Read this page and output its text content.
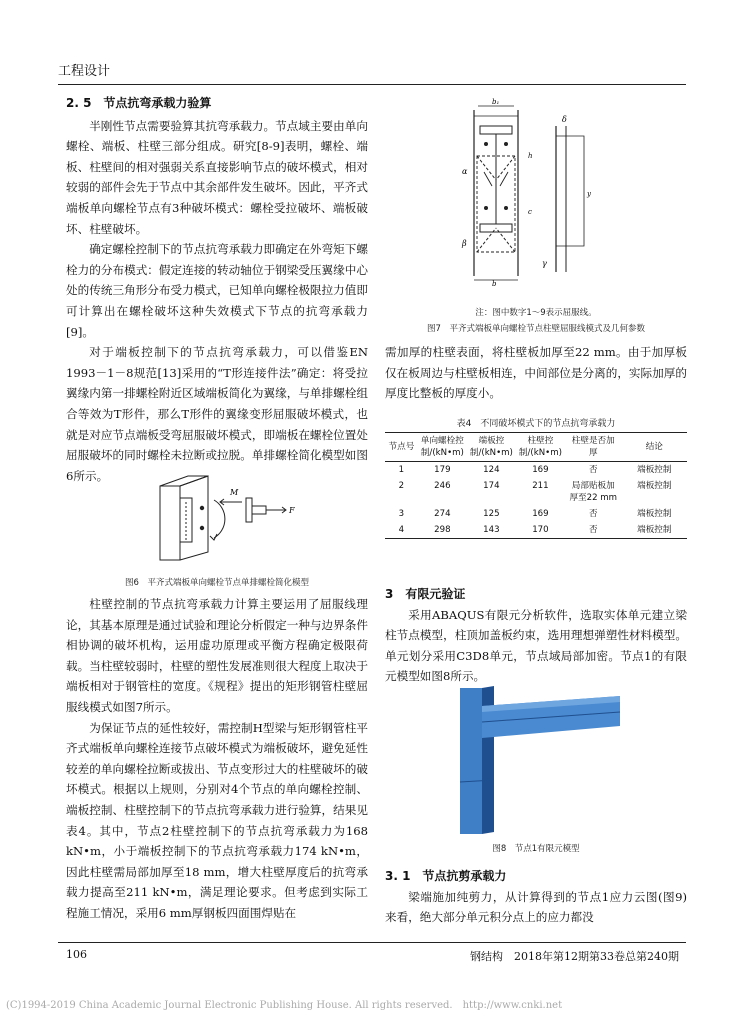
工程设计

2. 5　节点抗弯承载力验算

半刚性节点需要验算其抗弯承载力。节点域主要由单向螺栓、端板、柱壁三部分组成。研究[8-9]表明，螺栓、端板、柱壁间的相对强弱关系直接影响节点的破坏模式，相对较弱的部件会先于节点中其余部件发生破坏。因此，平齐式端板单向螺栓节点有3种破坏模式：螺栓受拉破坏、端板破坏、柱壁破坏。

确定螺栓控制下的节点抗弯承载力即确定在外弯矩下螺栓力的分布模式：假定连接的转动轴位于钢梁受压翼缘中心处的传统三角形分布受力模式，已知单向螺栓极限拉力值即可计算出在螺栓破坏这种失效模式下节点的抗弯承载力[9]。

对于端板控制下的节点抗弯承载力，可以借鉴EN 1993－1－8规范[13]采用的“T形连接件法”确定：将受拉翼缘内第一排螺栓附近区域端板简化为翼缘，与单排螺栓组合等效为T形件，那么T形件的翼缘变形屈服破坏模式，也就是对应节点端板受弯屈服破坏模式，即端板在螺栓位置处屈服破坏的同时螺栓未拉断或拉脱。单排螺栓简化模型如图6所示。

M
F
图6　平齐式端板单向螺栓节点单排螺栓简化模型

柱壁控制的节点抗弯承载力计算主要运用了屈服线理论，其基本原理是通过试验和理论分析假定一种与边界条件相协调的破坏机构，运用虚功原理或平衡方程确定极限荷载。当柱壁较弱时，柱壁的塑性发展准则很大程度上取决于端板相对于钢管柱的宽度。《规程》提出的矩形钢管柱壁屈服线模式如图7所示。

为保证节点的延性较好，需控制H型梁与矩形钢管柱平齐式端板单向螺栓连接节点破坏模式为端板破坏，避免延性较差的单向螺栓拉断或拔出、节点变形过大的柱壁破坏的破坏模式。根据以上规则，分别对4个节点的单向螺栓控制、端板控制、柱壁控制下的节点抗弯承载力进行验算，结果见表4。其中，节点2柱壁控制下的节点抗弯承载力为168 kN•m，小于端板控制下的节点抗弯承载力174 kN•m，因此柱壁需局部加厚至18 mm，增大柱壁厚度后的抗弯承载力提高至211 kN•m，满足理论要求。但考虑到实际工程施工情况，采用6 mm厚钢板四面围焊贴在

b₁
α
β
b
δ
y
γ
c
h
注：图中数字1～9表示屈服线。
图7　平齐式端板单向螺栓节点柱壁屈服线模式及几何参数

需加厚的柱壁表面，将柱壁板加厚至22 mm。由于加厚板仅在板周边与柱壁板相连，中间部位是分离的，实际加厚的厚度比整板的厚度小。

表4　不同破坏模式下的节点抗弯承载力
节点号	单向螺栓控制/(kN•m)	端板控制/(kN•m)	柱壁控制/(kN•m)	柱壁是否加厚	结论
1	179	124	169	否	端板控制
2	246	174	211	局部贴板加厚至22 mm	端板控制
3	274	125	169	否	端板控制
4	298	143	170	否	端板控制

3　有限元验证

采用ABAQUS有限元分析软件，选取实体单元建立梁柱节点模型，柱顶加盖板约束，选用理想弹塑性材料模型。单元划分采用C3D8单元，节点域局部加密。节点1的有限元模型如图8所示。

图8　节点1有限元模型

3. 1　节点抗剪承载力

梁端施加纯剪力，从计算得到的节点1应力云图(图9)来看，绝大部分单元积分点上的应力都没

106	钢结构　2018年第12期第33卷总第240期
(C)1994-2019 China Academic Journal Electronic Publishing House. All rights reserved.　http://www.cnki.net
